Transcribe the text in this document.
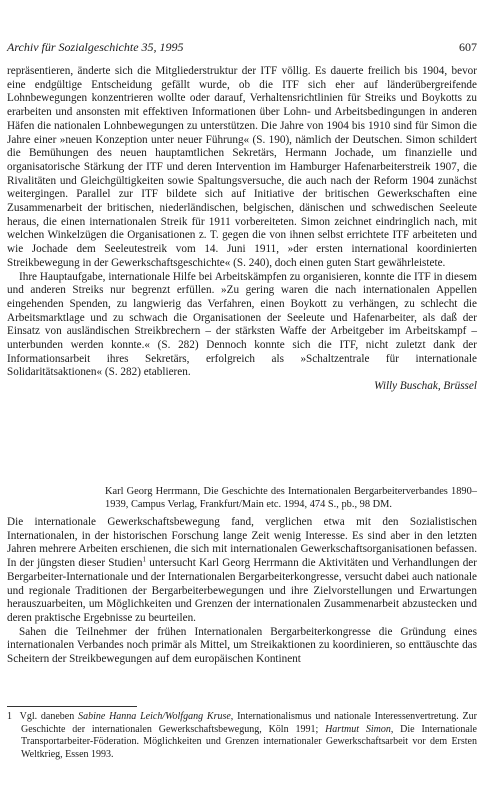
Archiv für Sozialgeschichte 35, 1995	607

repräsentieren, änderte sich die Mitgliederstruktur der ITF völlig. Es dauerte freilich bis 1904, bevor eine endgültige Entscheidung gefällt wurde, ob die ITF sich eher auf länderübergreifende Lohnbewegungen konzentrieren wollte oder darauf, Verhaltensrichtlinien für Streiks und Boykotts zu erarbeiten und ansonsten mit effektiven Informationen über Lohn- und Arbeitsbedingungen in anderen Häfen die nationalen Lohnbewegungen zu unterstützen. Die Jahre von 1904 bis 1910 sind für Simon die Jahre einer »neuen Konzeption unter neuer Führung« (S. 190), nämlich der Deutschen. Simon schildert die Bemühungen des neuen hauptamtlichen Sekretärs, Hermann Jochade, um finanzielle und organisatorische Stärkung der ITF und deren Intervention im Hamburger Hafenarbeiterstreik 1907, die Rivalitäten und Gleichgültigkeiten sowie Spaltungsversuche, die auch nach der Reform 1904 zunächst weitergingen. Parallel zur ITF bildete sich auf Initiative der britischen Gewerkschaften eine Zusammenarbeit der britischen, niederländischen, belgischen, dänischen und schwedischen Seeleute heraus, die einen internationalen Streik für 1911 vorbereiteten. Simon zeichnet eindringlich nach, mit welchen Winkelzügen die Organisationen z. T. gegen die von ihnen selbst errichtete ITF arbeiteten und wie Jochade dem Seeleutestreik vom 14. Juni 1911, »der ersten international koordinierten Streikbewegung in der Gewerkschaftsgeschichte« (S. 240), doch einen guten Start gewährleistete.

Ihre Hauptaufgabe, internationale Hilfe bei Arbeitskämpfen zu organisieren, konnte die ITF in diesem und anderen Streiks nur begrenzt erfüllen. »Zu gering waren die nach internationalen Appellen eingehenden Spenden, zu langwierig das Verfahren, einen Boykott zu verhängen, zu schlecht die Arbeitsmarktlage und zu schwach die Organisationen der Seeleute und Hafenarbeiter, als daß der Einsatz von ausländischen Streikbrechern – der stärksten Waffe der Arbeitgeber im Arbeitskampf – unterbunden werden konnte.« (S. 282) Dennoch konnte sich die ITF, nicht zuletzt dank der Informationsarbeit ihres Sekretärs, erfolgreich als »Schaltzentrale für internationale Solidaritätsaktionen« (S. 282) etablieren.

Willy Buschak, Brüssel
Karl Georg Herrmann, Die Geschichte des Internationalen Bergarbeiterverbandes 1890–1939, Campus Verlag, Frankfurt/Main etc. 1994, 474 S., pb., 98 DM.

Die internationale Gewerkschaftsbewegung fand, verglichen etwa mit den Sozialistischen Internationalen, in der historischen Forschung lange Zeit wenig Interesse. Es sind aber in den letzten Jahren mehrere Arbeiten erschienen, die sich mit internationalen Gewerkschaftsorganisationen befassen. In der jüngsten dieser Studien$^1$ untersucht Karl Georg Herrmann die Aktivitäten und Verhandlungen der Bergarbeiter-Internationale und der Internationalen Bergarbeiterkongresse, versucht dabei auch nationale und regionale Traditionen der Bergarbeiterbewegungen und ihre Zielvorstellungen und Erwartungen herauszuarbeiten, um Möglichkeiten und Grenzen der internationalen Zusammenarbeit abzustecken und deren praktische Ergebnisse zu beurteilen.

Sahen die Teilnehmer der frühen Internationalen Bergarbeiterkongresse die Gründung eines internationalen Verbandes noch primär als Mittel, um Streikaktionen zu koordinieren, so enttäuschte das Scheitern der Streikbewegungen auf dem europäischen Kontinent

1 Vgl. daneben Sabine Hanna Leich/Wolfgang Kruse, Internationalismus und nationale Interessenvertretung. Zur Geschichte der internationalen Gewerkschaftsbewegung, Köln 1991; Hartmut Simon, Die Internationale Transportarbeiter-Föderation. Möglichkeiten und Grenzen internationaler Gewerkschaftsarbeit vor dem Ersten Weltkrieg, Essen 1993.
